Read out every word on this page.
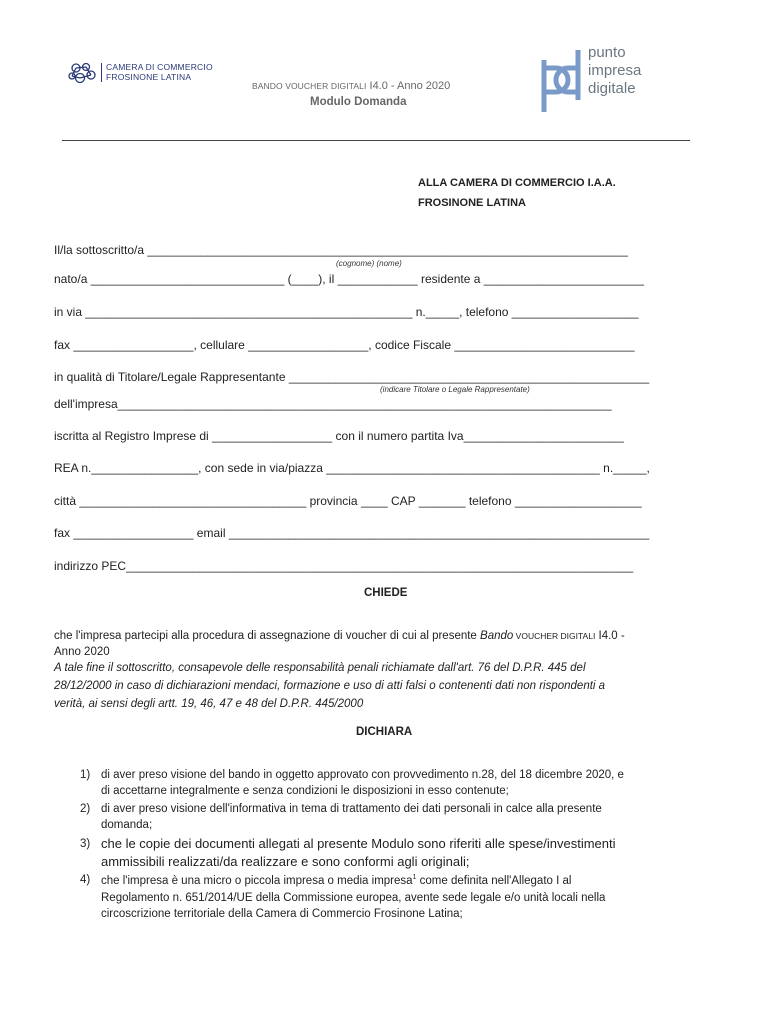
CAMERA DI COMMERCIO
FROSINONE LATINA
BANDO VOUCHER DIGITALI I4.0 - Anno 2020
Modulo Domanda
punto
impresa
digitale
ALLA CAMERA DI COMMERCIO I.A.A.
FROSINONE LATINA
Il/la sottoscritto/a ________________________________________________________________________
(cognome) (nome)
nato/a _____________________________ (____), il ____________ residente a ________________________
in via _________________________________________________ n._____, telefono ___________________
fax __________________, cellulare __________________, codice Fiscale ___________________________
in qualità di Titolare/Legale Rappresentante ______________________________________________________
(indicare Titolare o Legale Rappresentate)
dell'impresa__________________________________________________________________________
iscritta al Registro Imprese di __________________ con il numero partita Iva________________________
REA n.________________, con sede in via/piazza _________________________________________ n._____,
città __________________________________ provincia ____ CAP _______ telefono ___________________
fax __________________ email _______________________________________________________________
indirizzo PEC____________________________________________________________________________
CHIEDE
che l'impresa partecipi alla procedura di assegnazione di voucher di cui al presente Bando VOUCHER DIGITALI I4.0 -
Anno 2020
A tale fine il sottoscritto, consapevole delle responsabilità penali richiamate dall'art. 76 del D.P.R. 445 del
28/12/2000 in caso di dichiarazioni mendaci, formazione e uso di atti falsi o contenenti dati non rispondenti a
verità, ai sensi degli artt. 19, 46, 47 e 48 del D.P.R. 445/2000
DICHIARA
1) di aver preso visione del bando in oggetto approvato con provvedimento n.28, del 18 dicembre 2020, e
di accettarne integralmente e senza condizioni le disposizioni in esso contenute;
2) di aver preso visione dell'informativa in tema di trattamento dei dati personali in calce alla presente
domanda;
3) che le copie dei documenti allegati al presente Modulo sono riferiti alle spese/investimenti
ammissibili realizzati/da realizzare e sono conformi agli originali;
4) che l'impresa è una micro o piccola impresa o media impresa$^1$ come definita nell'Allegato I al
Regolamento n. 651/2014/UE della Commissione europea, avente sede legale e/o unità locali nella
circoscrizione territoriale della Camera di Commercio Frosinone Latina;
